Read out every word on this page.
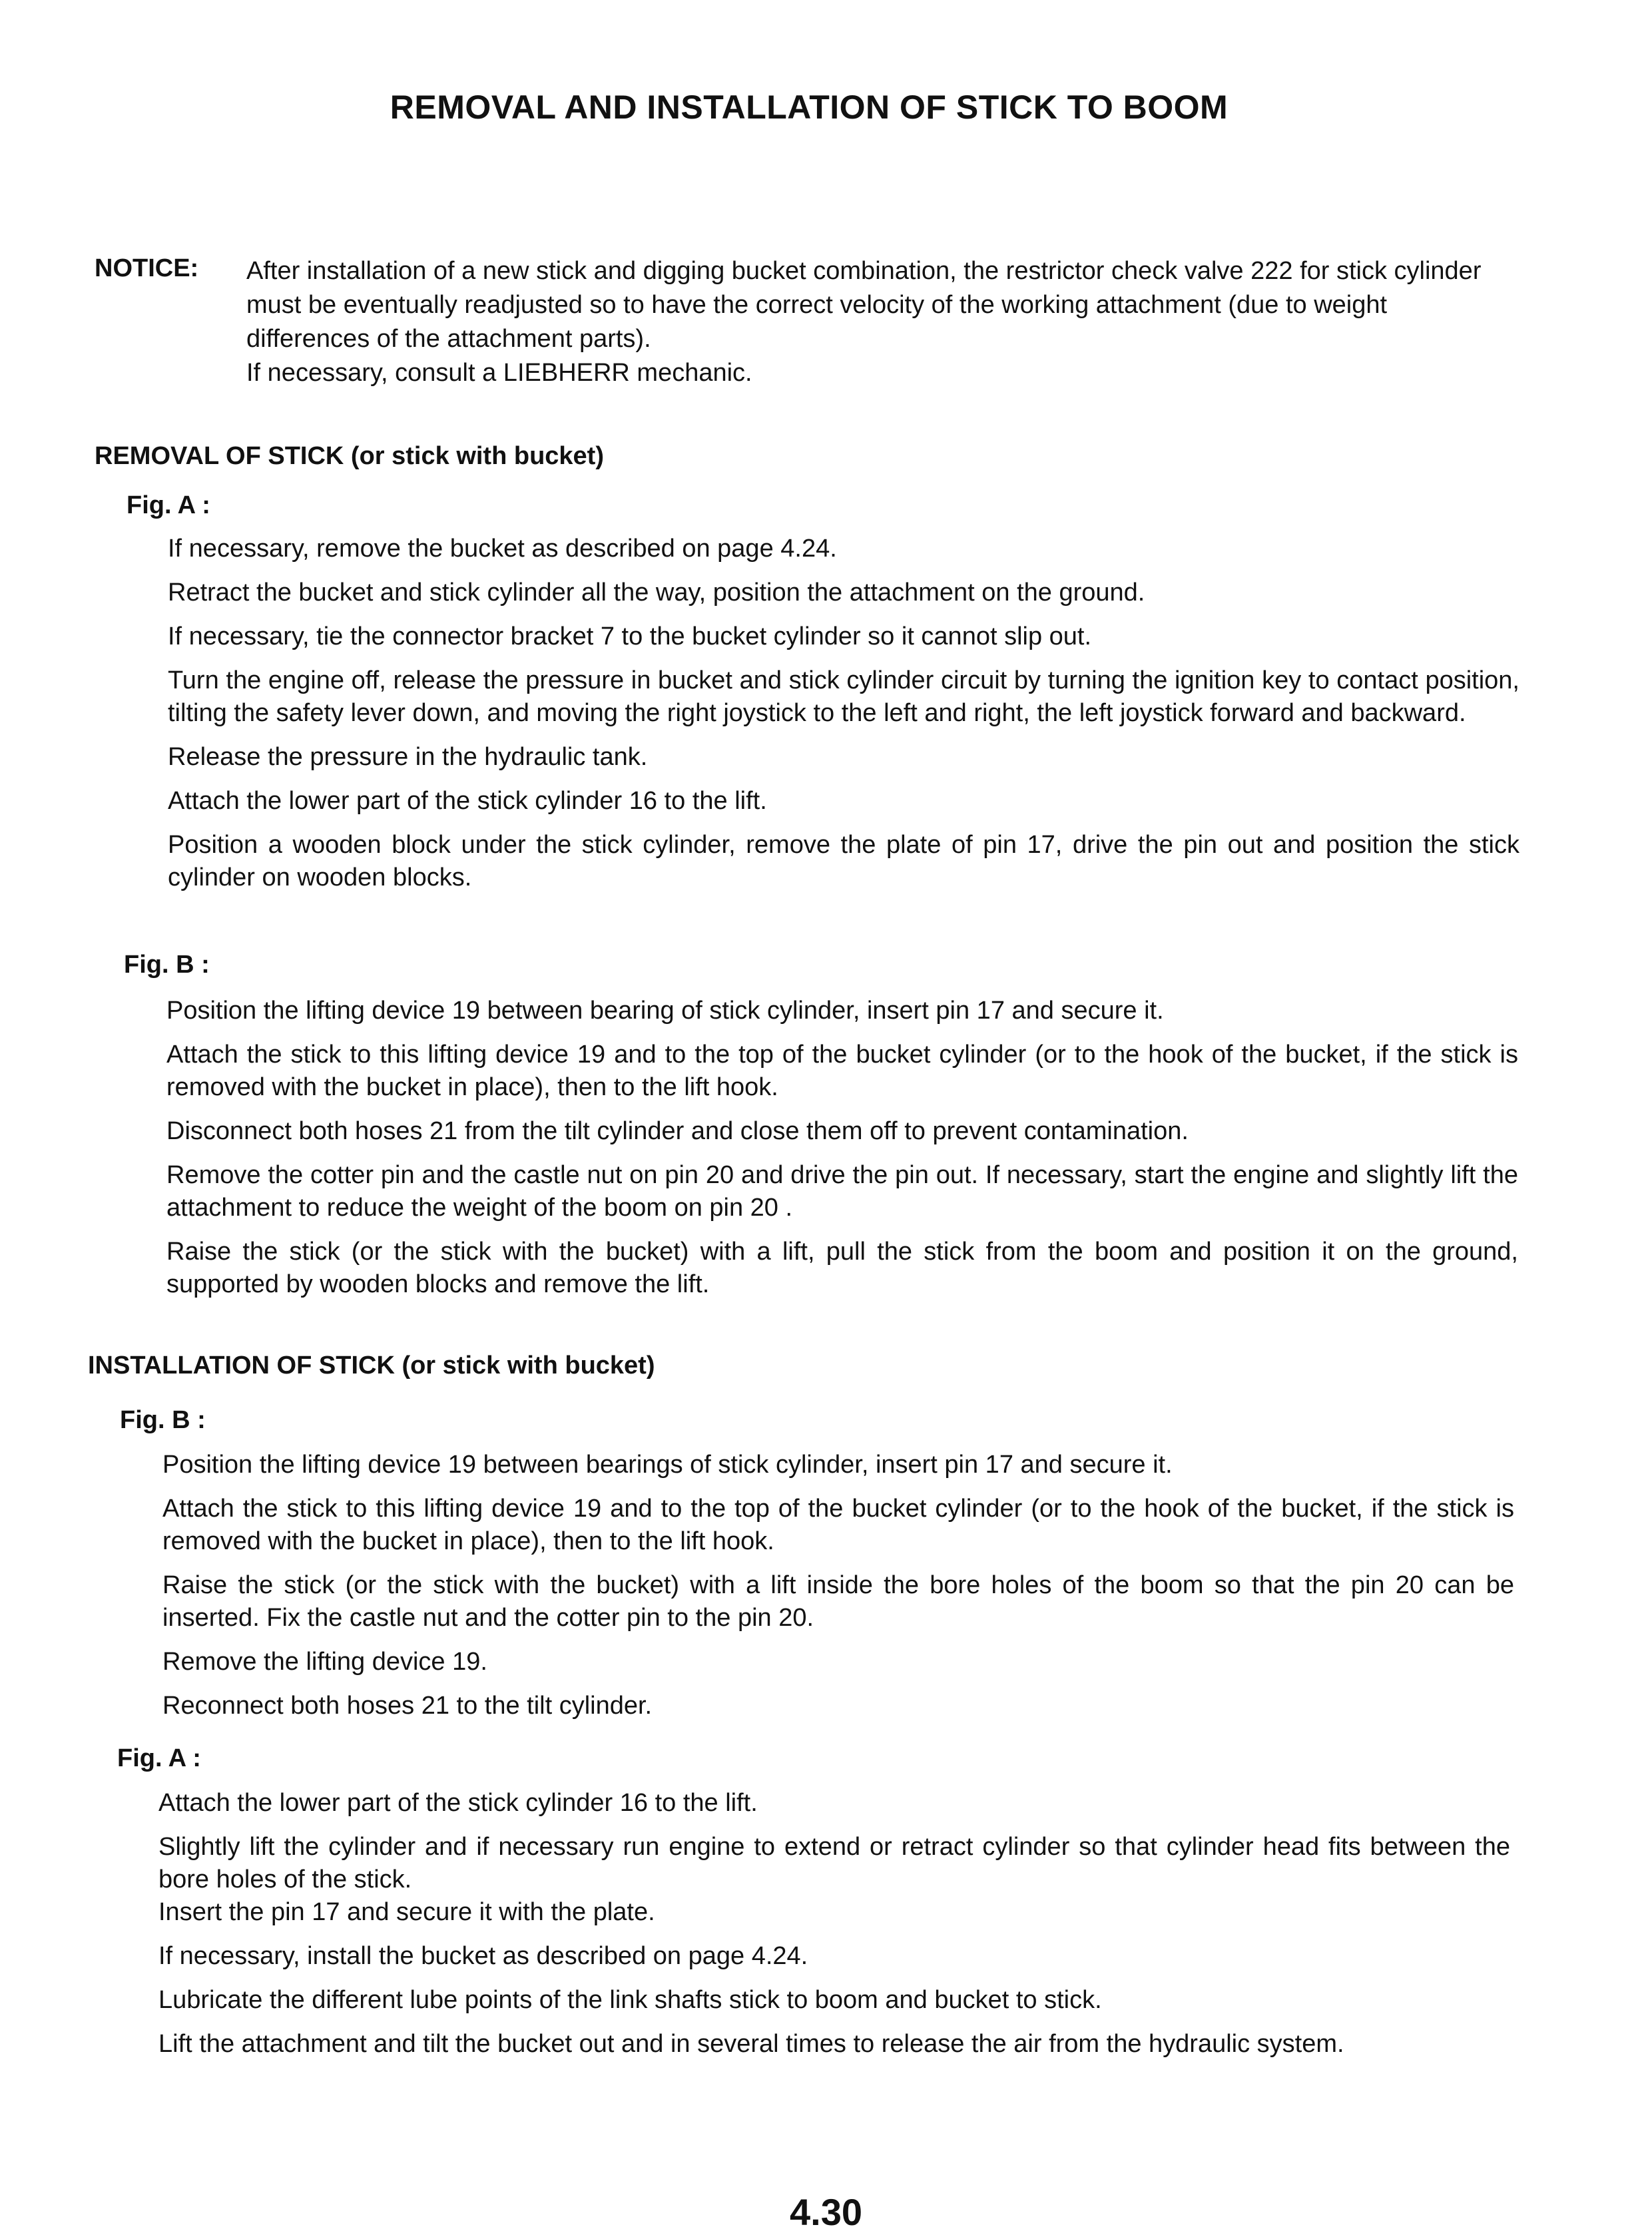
REMOVAL AND INSTALLATION OF STICK TO BOOM
NOTICE: After installation of a new stick and digging bucket combination, the restrictor check valve 222 for stick cylinder must be eventually readjusted so to have the correct velocity of the working attachment (due to weight differences of the attachment parts).
If necessary, consult a LIEBHERR mechanic.
REMOVAL OF STICK (or stick with bucket)
Fig. A :
If necessary, remove the bucket as described on page 4.24.
Retract the bucket and stick cylinder all the way, position the attachment on the ground.
If necessary, tie the connector bracket 7 to the bucket cylinder so it cannot slip out.
Turn the engine off, release the pressure in bucket and stick cylinder circuit by turning the ignition key to contact position, tilting the safety lever down, and moving the right joystick to the left and right, the left joystick forward and backward.
Release the pressure in the hydraulic tank.
Attach the lower part of the stick cylinder 16 to the lift.
Position a wooden block under the stick cylinder, remove the plate of pin 17, drive the pin out and position the stick cylinder on wooden blocks.
Fig. B :
Position the lifting device 19 between bearing of stick cylinder, insert pin 17 and secure it.
Attach the stick to this lifting device 19 and to the top of the bucket cylinder (or to the hook of the bucket, if the stick is removed with the bucket in place), then to the lift hook.
Disconnect both hoses 21 from the tilt cylinder and close them off to prevent contamination.
Remove the cotter pin and the castle nut on pin 20 and drive the pin out. If necessary, start the engine and slightly lift the attachment to reduce the weight of the boom on pin 20 .
Raise the stick (or the stick with the bucket) with a lift, pull the stick from the boom and position it on the ground, supported by wooden blocks and remove the lift.
INSTALLATION OF STICK (or stick with bucket)
Fig. B :
Position the lifting device 19 between bearings of stick cylinder, insert pin 17 and secure it.
Attach the stick to this lifting device 19 and to the top of the bucket cylinder (or to the hook of the bucket, if the stick is removed with the bucket in place), then to the lift hook.
Raise the stick (or the stick with the bucket) with a lift inside the bore holes of the boom so that the pin 20 can be inserted. Fix the castle nut and the cotter pin to the pin 20.
Remove the lifting device 19.
Reconnect both hoses 21 to the tilt cylinder.
Fig. A :
Attach the lower part of the stick cylinder 16 to the lift.
Slightly lift the cylinder and if necessary run engine to extend or retract cylinder so that cylinder head fits between the bore holes of the stick.
Insert the pin 17 and secure it with the plate.
If necessary, install the bucket as described on page 4.24.
Lubricate the different lube points of the link shafts stick to boom and bucket to stick.
Lift the attachment and tilt the bucket out and in several times to release the air from the hydraulic system.
4.30
